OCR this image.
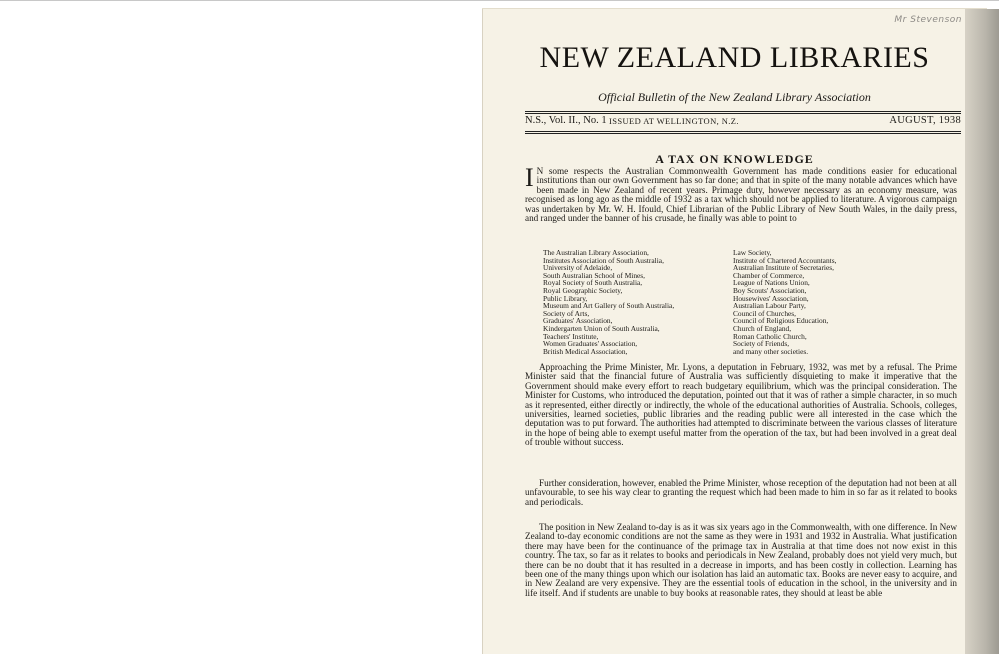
Mr Stevenson
NEW ZEALAND LIBRARIES

Official Bulletin of the New Zealand Library Association

N.S., Vol. II., No. 1 ISSUED AT WELLINGTON, N.Z.	AUGUST, 1938
A TAX ON KNOWLEDGE

I N some respects the Australian Commonwealth Government has made conditions easier for educational institutions than our own Government has so far done; and that in spite of the many notable advances which have been made in New Zealand of recent years. Primage duty, however necessary as an economy measure, was recognised as long ago as the middle of 1932 as a tax which should not be applied to literature. A vigorous campaign was undertaken by Mr. W. H. Ifould, Chief Librarian of the Public Library of New South Wales, in the daily press, and ranged under the banner of his crusade, he finally was able to point to

The Australian Library Association,
Institutes Association of South Australia,
University of Adelaide,
South Australian School of Mines,
Royal Society of South Australia,
Royal Geographic Society,
Public Library,
Museum and Art Gallery of South Australia,
Society of Arts,
Graduates' Association,
Kindergarten Union of South Australia,
Teachers' Institute,
Women Graduates' Association,
British Medical Association,
Law Society,
Institute of Chartered Accountants,
Australian Institute of Secretaries,
Chamber of Commerce,
League of Nations Union,
Boy Scouts' Association,
Housewives' Association,
Australian Labour Party,
Council of Churches,
Council of Religious Education,
Church of England,
Roman Catholic Church,
Society of Friends,
and many other societies.

Approaching the Prime Minister, Mr. Lyons, a deputation in February, 1932, was met by a refusal. The Prime Minister said that the financial future of Australia was sufficiently disquieting to make it imperative that the Government should make every effort to reach budgetary equilibrium, which was the principal consideration. The Minister for Customs, who introduced the deputation, pointed out that it was of rather a simple character, in so much as it represented, either directly or indirectly, the whole of the educational authorities of Australia. Schools, colleges, universities, learned societies, public libraries and the reading public were all interested in the case which the deputation was to put forward. The authorities had attempted to discriminate between the various classes of literature in the hope of being able to exempt useful matter from the operation of the tax, but had been involved in a great deal of trouble without success.

Further consideration, however, enabled the Prime Minister, whose reception of the deputation had not been at all unfavourable, to see his way clear to granting the request which had been made to him in so far as it related to books and periodicals.

The position in New Zealand to-day is as it was six years ago in the Commonwealth, with one difference. In New Zealand to-day economic conditions are not the same as they were in 1931 and 1932 in Australia. What justification there may have been for the continuance of the primage tax in Australia at that time does not now exist in this country. The tax, so far as it relates to books and periodicals in New Zealand, probably does not yield very much, but there can be no doubt that it has resulted in a decrease in imports, and has been costly in collection. Learning has been one of the many things upon which our isolation has laid an automatic tax. Books are never easy to acquire, and in New Zealand are very expensive. They are the essential tools of education in the school, in the university and in life itself. And if students are unable to buy books at reasonable rates, they should at least be able
